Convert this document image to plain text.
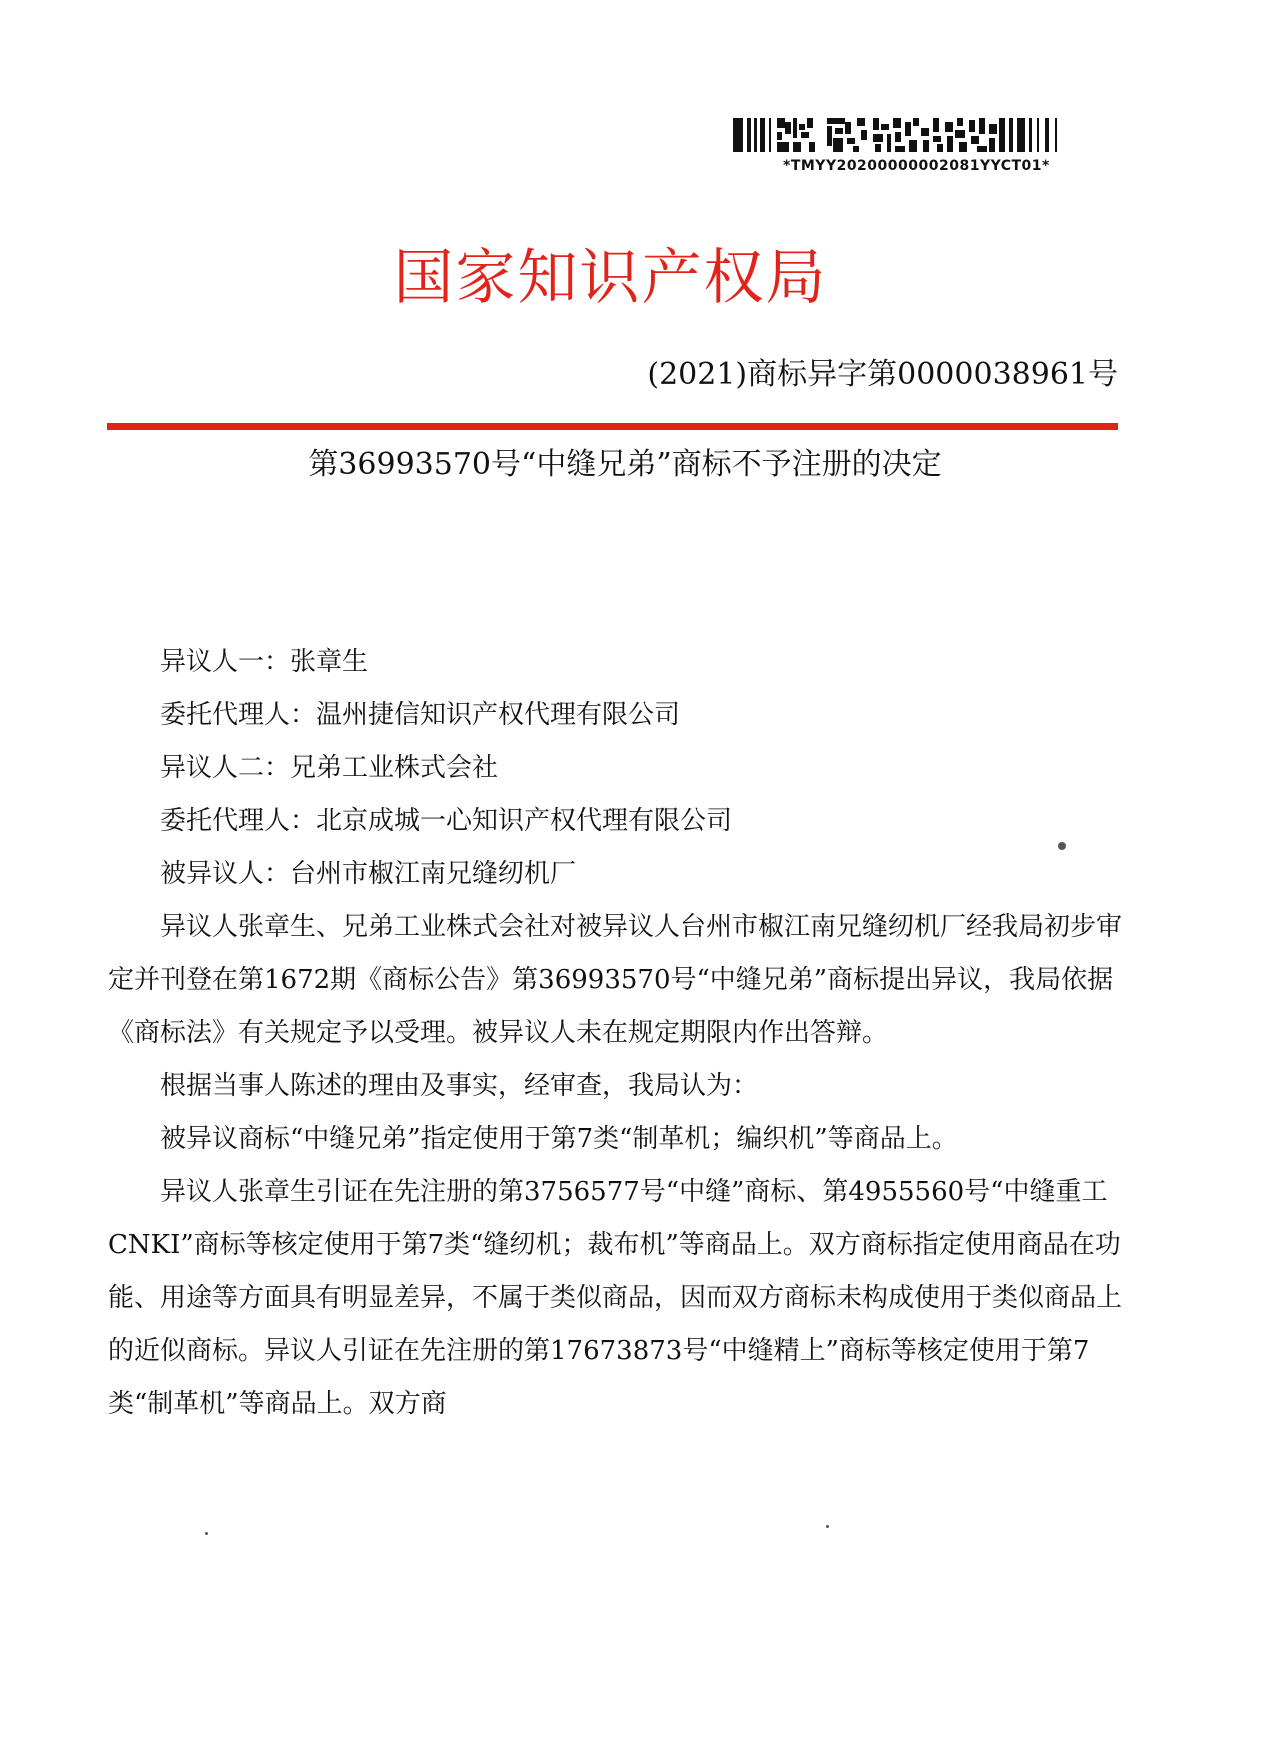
*TMYY20200000002081YYCT01*
国家知识产权局
(2021)商标异字第0000038961号
第36993570号“中缝兄弟”商标不予注册的决定

异议人一：张章生

委托代理人：温州捷信知识产权代理有限公司

异议人二：兄弟工业株式会社

委托代理人：北京成城一心知识产权代理有限公司

被异议人：台州市椒江南兄缝纫机厂

异议人张章生、兄弟工业株式会社对被异议人台州市椒江南兄缝纫机厂经我局初步审定并刊登在第1672期《商标公告》第36993570号“中缝兄弟”商标提出异议，我局依据《商标法》有关规定予以受理。被异议人未在规定期限内作出答辩。

根据当事人陈述的理由及事实，经审查，我局认为：

被异议商标“中缝兄弟”指定使用于第7类“制革机；编织机”等商品上。

异议人张章生引证在先注册的第3756577号“中缝”商标、第4955560号“中缝重工CNKI”商标等核定使用于第7类“缝纫机；裁布机”等商品上。双方商标指定使用商品在功能、用途等方面具有明显差异，不属于类似商品，因而双方商标未构成使用于类似商品上的近似商标。异议人引证在先注册的第17673873号“中缝精上”商标等核定使用于第7类“制革机”等商品上。双方商
